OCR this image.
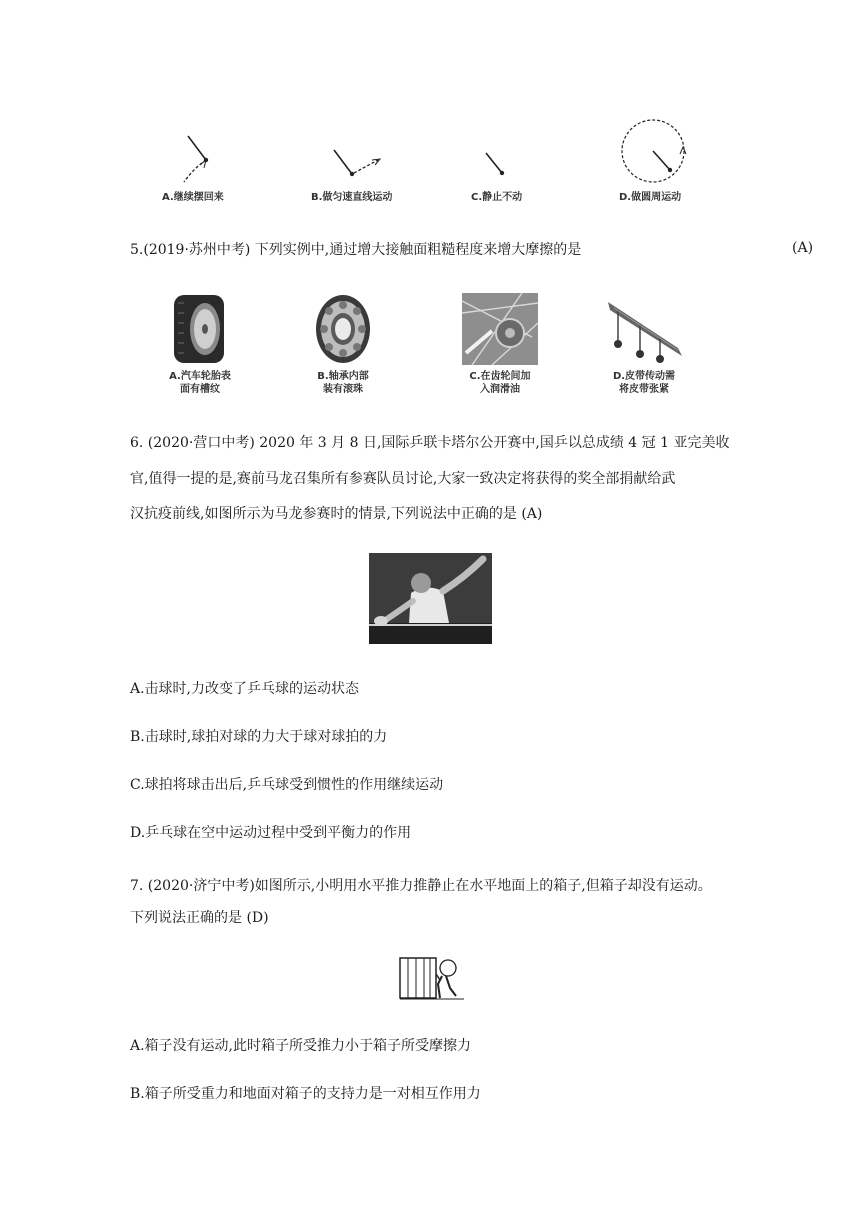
A.继续摆回来	B.做匀速直线运动	C.静止不动	D.做圆周运动
5.(2019·苏州中考) 下列实例中,通过增大接触面粗糙程度来增大摩擦的是	(A)
A.汽车轮胎表
面有槽纹
B.轴承内部
装有滚珠
C.在齿轮间加
入润滑油
D.皮带传动需
将皮带张紧
6. (2020·营口中考) 2020 年 3 月 8 日,国际乒联卡塔尔公开赛中,国乒以总成绩 4 冠 1 亚完美收
官,值得一提的是,赛前马龙召集所有参赛队员讨论,大家一致决定将获得的奖全部捐献给武
汉抗疫前线,如图所示为马龙参赛时的情景,下列说法中正确的是 (A)
A.击球时,力改变了乒乓球的运动状态
B.击球时,球拍对球的力大于球对球拍的力
C.球拍将球击出后,乒乓球受到惯性的作用继续运动
D.乒乓球在空中运动过程中受到平衡力的作用
7. (2020·济宁中考)如图所示,小明用水平推力推静止在水平地面上的箱子,但箱子却没有运动。
下列说法正确的是 (D)
A.箱子没有运动,此时箱子所受推力小于箱子所受摩擦力
B.箱子所受重力和地面对箱子的支持力是一对相互作用力
